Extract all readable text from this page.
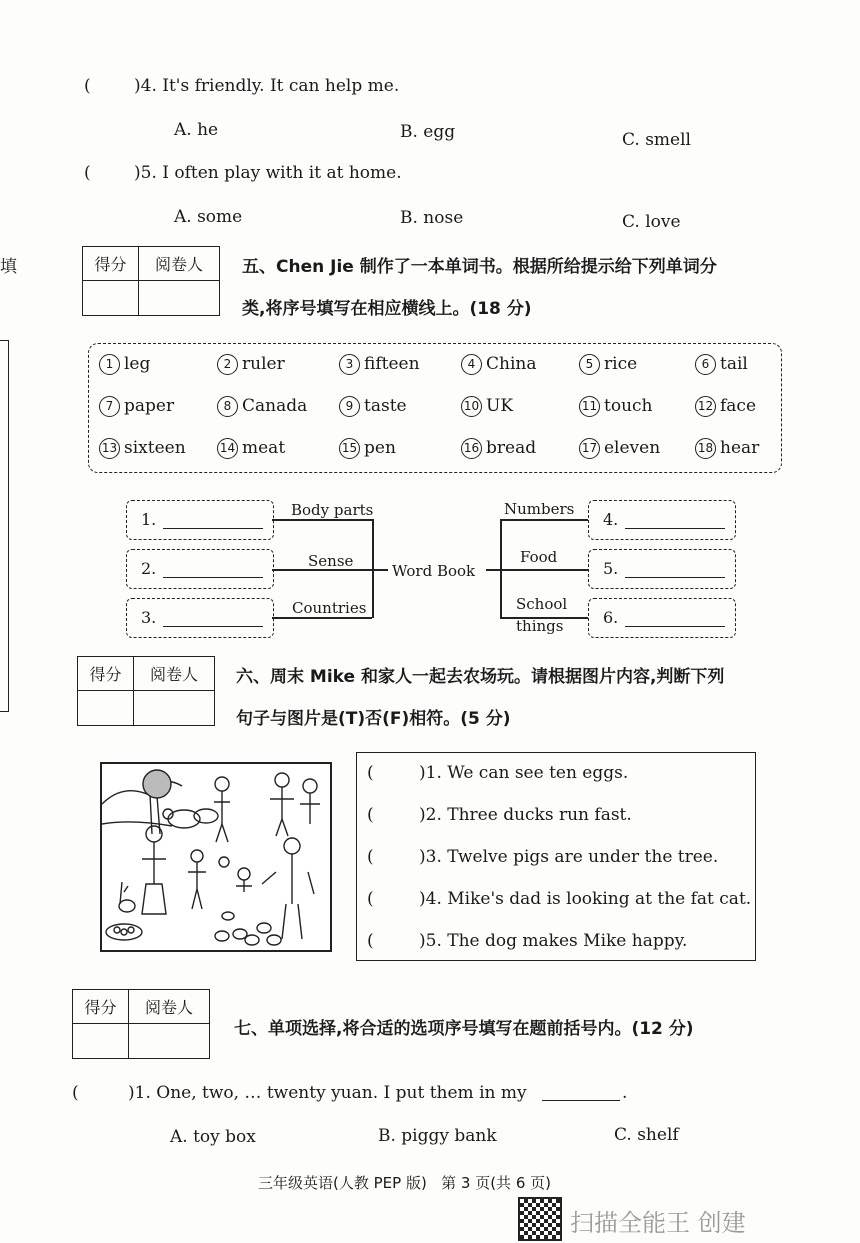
填
(	)4. It's friendly. It can help me.
A. he	B. egg	C. smell
(	)5. I often play with it at home.
A. some	B. nose	C. love
得分	阅卷人	五、Chen Jie 制作了一本单词书。根据所给提示给下列单词分
类,将序号填写在相应横线上。(18 分)
1 leg	2 ruler	3 fifteen	4 China	5 rice	6 tail
7 paper	8 Canada	9 taste	10 UK	11 touch	12 face
13 sixteen	14 meat	15 pen	16 bread	17 eleven	18 hear
1.
2.
3.
4.
5.
6.
Body parts
Sense
Countries
Word Book
Numbers
Food
School
things
得分	阅卷人	六、周末 Mike 和家人一起去农场玩。请根据图片内容,判断下列
句子与图片是(T)否(F)相符。(5 分)
(	)1. We can see ten eggs.
(	)2. Three ducks run fast.
(	)3. Twelve pigs are under the tree.
(	)4. Mike's dad is looking at the fat cat.
(	)5. The dog makes Mike happy.
得分	阅卷人
七、单项选择,将合适的选项序号填写在题前括号内。(12 分)
(	)1. One, two, … twenty yuan. I put them in my	.
A. toy box	B. piggy bank	C. shelf
三年级英语(人教 PEP 版)   第 3 页(共 6 页)
扫描全能王 创建
